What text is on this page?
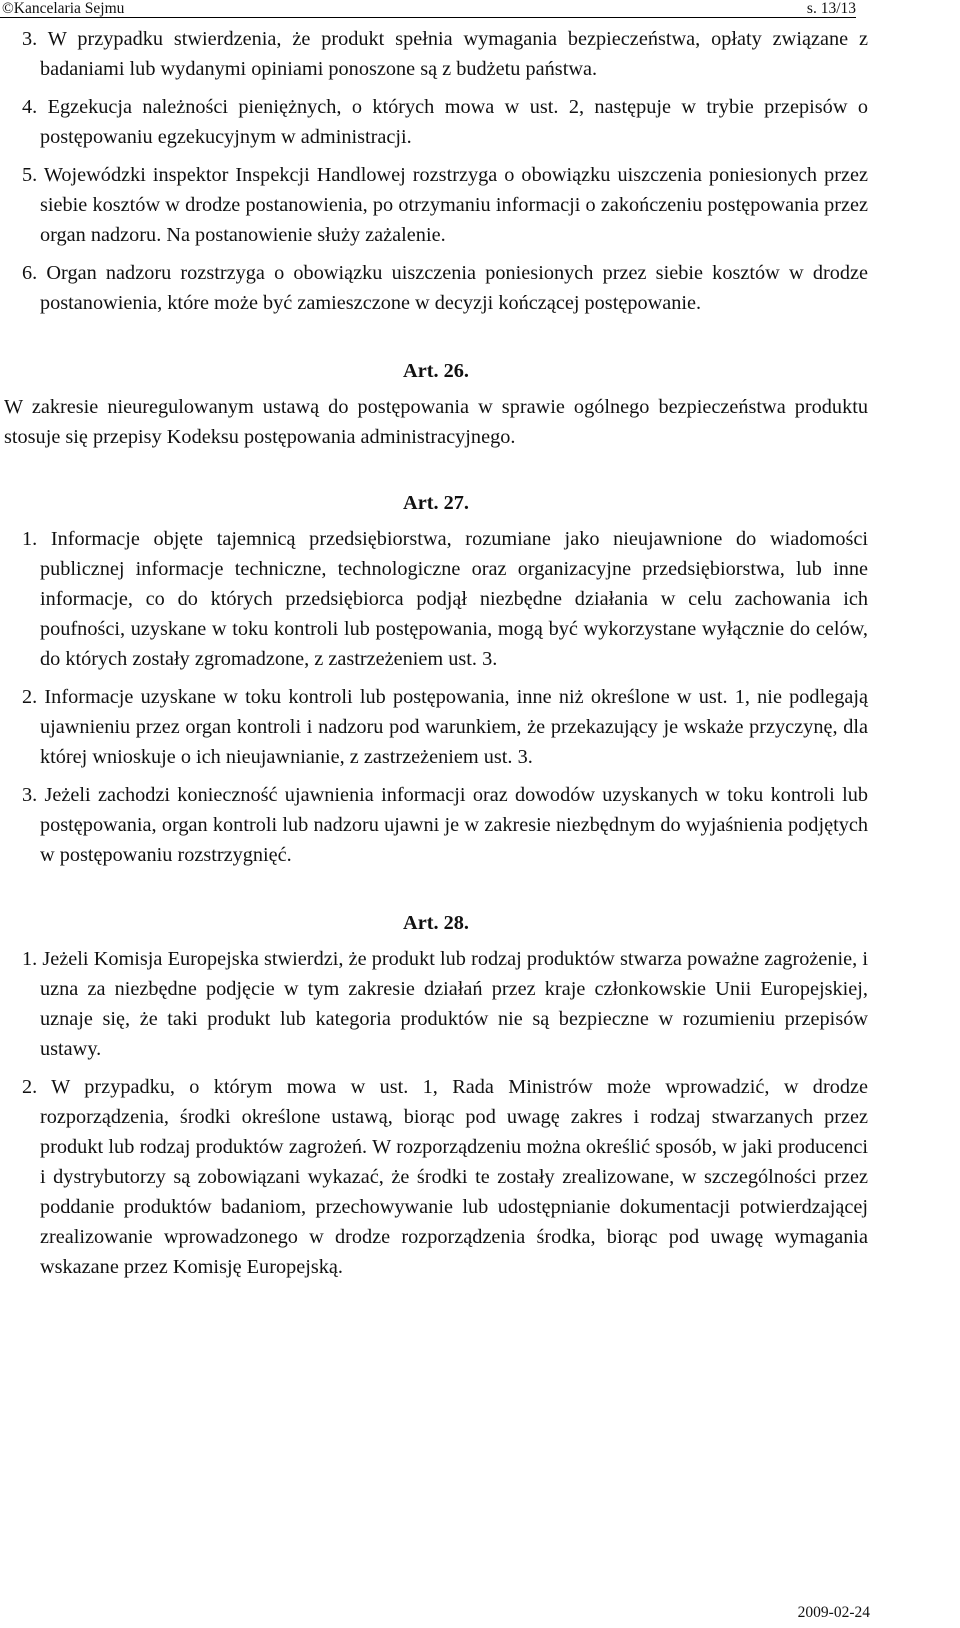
©Kancelaria Sejmu	s. 13/13

3. W przypadku stwierdzenia, że produkt spełnia wymagania bezpieczeństwa, opłaty związane z badaniami lub wydanymi opiniami ponoszone są z budżetu państwa.

4. Egzekucja należności pieniężnych, o których mowa w ust. 2, następuje w trybie przepisów o postępowaniu egzekucyjnym w administracji.

5. Wojewódzki inspektor Inspekcji Handlowej rozstrzyga o obowiązku uiszczenia poniesionych przez siebie kosztów w drodze postanowienia, po otrzymaniu informacji o zakończeniu postępowania przez organ nadzoru. Na postanowienie służy zażalenie.

6. Organ nadzoru rozstrzyga o obowiązku uiszczenia poniesionych przez siebie kosztów w drodze postanowienia, które może być zamieszczone w decyzji kończącej postępowanie.

Art. 26.

W zakresie nieuregulowanym ustawą do postępowania w sprawie ogólnego bezpieczeństwa produktu stosuje się przepisy Kodeksu postępowania administracyjnego.

Art. 27.

1. Informacje objęte tajemnicą przedsiębiorstwa, rozumiane jako nieujawnione do wiadomości publicznej informacje techniczne, technologiczne oraz organizacyjne przedsiębiorstwa, lub inne informacje, co do których przedsiębiorca podjął niezbędne działania w celu zachowania ich poufności, uzyskane w toku kontroli lub postępowania, mogą być wykorzystane wyłącznie do celów, do których zostały zgromadzone, z zastrzeżeniem ust. 3.

2. Informacje uzyskane w toku kontroli lub postępowania, inne niż określone w ust. 1, nie podlegają ujawnieniu przez organ kontroli i nadzoru pod warunkiem, że przekazujący je wskaże przyczynę, dla której wnioskuje o ich nieujawnianie, z zastrzeżeniem ust. 3.

3. Jeżeli zachodzi konieczność ujawnienia informacji oraz dowodów uzyskanych w toku kontroli lub postępowania, organ kontroli lub nadzoru ujawni je w zakresie niezbędnym do wyjaśnienia podjętych w postępowaniu rozstrzygnięć.

Art. 28.

1. Jeżeli Komisja Europejska stwierdzi, że produkt lub rodzaj produktów stwarza poważne zagrożenie, i uzna za niezbędne podjęcie w tym zakresie działań przez kraje członkowskie Unii Europejskiej, uznaje się, że taki produkt lub kategoria produktów nie są bezpieczne w rozumieniu przepisów ustawy.

2. W przypadku, o którym mowa w ust. 1, Rada Ministrów może wprowadzić, w drodze rozporządzenia, środki określone ustawą, biorąc pod uwagę zakres i rodzaj stwarzanych przez produkt lub rodzaj produktów zagrożeń. W rozporządzeniu można określić sposób, w jaki producenci i dystrybutorzy są zobowiązani wykazać, że środki te zostały zrealizowane, w szczególności przez poddanie produktów badaniom, przechowywanie lub udostępnianie dokumentacji potwierdzającej zrealizowanie wprowadzonego w drodze rozporządzenia środka, biorąc pod uwagę wymagania wskazane przez Komisję Europejską.

2009-02-24
